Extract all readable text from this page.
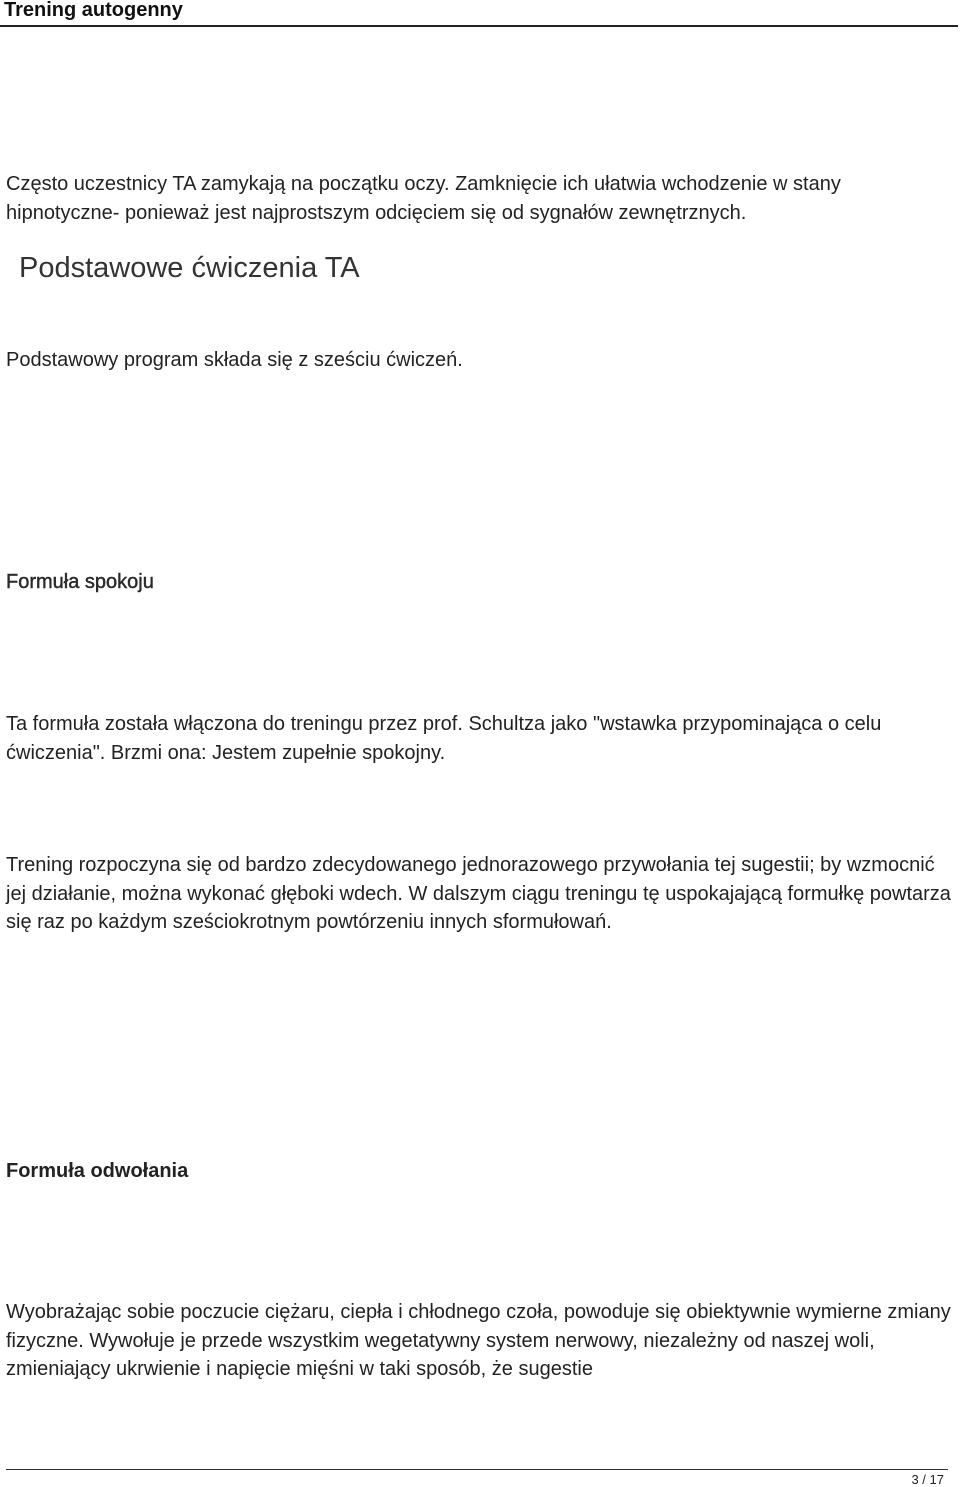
Trening autogenny

Często uczestnicy TA zamykają na początku oczy. Zamknięcie ich ułatwia wchodzenie w stany hipnotyczne- ponieważ jest najprostszym odcięciem się od sygnałów zewnętrznych.

Podstawowe ćwiczenia TA

Podstawowy program składa się z sześciu ćwiczeń.

Formuła spokoju

Ta formuła została włączona do treningu przez prof. Schultza jako "wstawka przypominająca o celu ćwiczenia". Brzmi ona: Jestem zupełnie spokojny.

Trening rozpoczyna się od bardzo zdecydowanego jednorazowego przywołania tej sugestii; by wzmocnić jej działanie, można wykonać głęboki wdech. W dalszym ciągu treningu tę uspokajającą formułkę powtarza się raz po każdym sześciokrotnym powtórzeniu innych sformułowań.

Formuła odwołania

Wyobrażając sobie poczucie ciężaru, ciepła i chłodnego czoła, powoduje się obiektywnie wymierne zmiany fizyczne. Wywołuje je przede wszystkim wegetatywny system nerwowy, niezależny od naszej woli, zmieniający ukrwienie i napięcie mięśni w taki sposób, że sugestie

3 / 17
